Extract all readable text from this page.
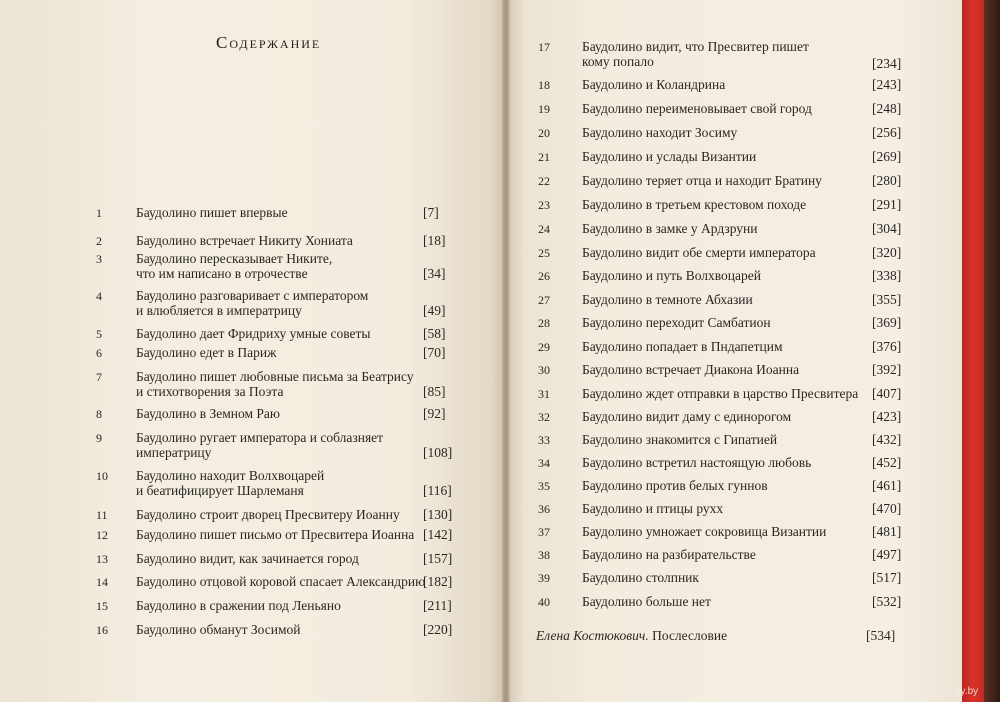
Содержание
1	Баудолино пишет впервые	[7]
2	Баудолино встречает Никиту Хониата	[18]
3	Баудолино пересказывает Никите,
что им написано в отрочестве	[34]
4	Баудолино разговаривает с императором
и влюбляется в императрицу	[49]
5	Баудолино дает Фридриху умные советы	[58]
6	Баудолино едет в Париж	[70]
7	Баудолино пишет любовные письма за Беатрису
и стихотворения за Поэта	[85]
8	Баудолино в Земном Раю	[92]
9	Баудолино ругает императора и соблазняет
императрицу	[108]
10 Баудолино находит Волхвоцарей
и беатифицирует Шарлеманя	[116]
11 Баудолино строит дворец Пресвитеру Иоанну [130]
12 Баудолино пишет письмо от Пресвитера Иоанна [142]
13 Баудолино видит, как зачинается город	[157]
14 Баудолино отцовой коровой спасает Александрию
[182]
15 Баудолино в сражении под Леньяно	[211]
16 Баудолино обманут Зосимой	[220]
17 Баудолино видит, что Пресвитер пишет
кому попало	[234]
18 Баудолино и Коландрина	[243]
19 Баудолино переименовывает свой город	[248]
20 Баудолино находит Зосиму	[256]
21 Баудолино и услады Византии	[269]
22 Баудолино теряет отца и находит Братину	[280]
23 Баудолино в третьем крестовом походе	[291]
24 Баудолино в замке у Ардзруни	[304]
25 Баудолино видит обе смерти императора	[320]
26 Баудолино и путь Волхвоцарей	[338]
27 Баудолино в темноте Абхазии	[355]
28 Баудолино переходит Самбатион	[369]
29 Баудолино попадает в Пндапетцим	[376]
30 Баудолино встречает Диакона Иоанна	[392]
31 Баудолино ждет отправки в царство Пресвитера [407]
32 Баудолино видит даму с единорогом	[423]
33 Баудолино знакомится с Гипатией	[432]
34 Баудолино встретил настоящую любовь	[452]
35 Баудолино против белых гуннов	[461]
36 Баудолино и птицы рухх	[470]
37 Баудолино умножает сокровища Византии	[481]
38 Баудолино на разбирательстве	[497]
39 Баудолино столпник	[517]
40 Баудолино больше нет	[532]
Елена Костюкович. Послесловие	[534]
ay.by
